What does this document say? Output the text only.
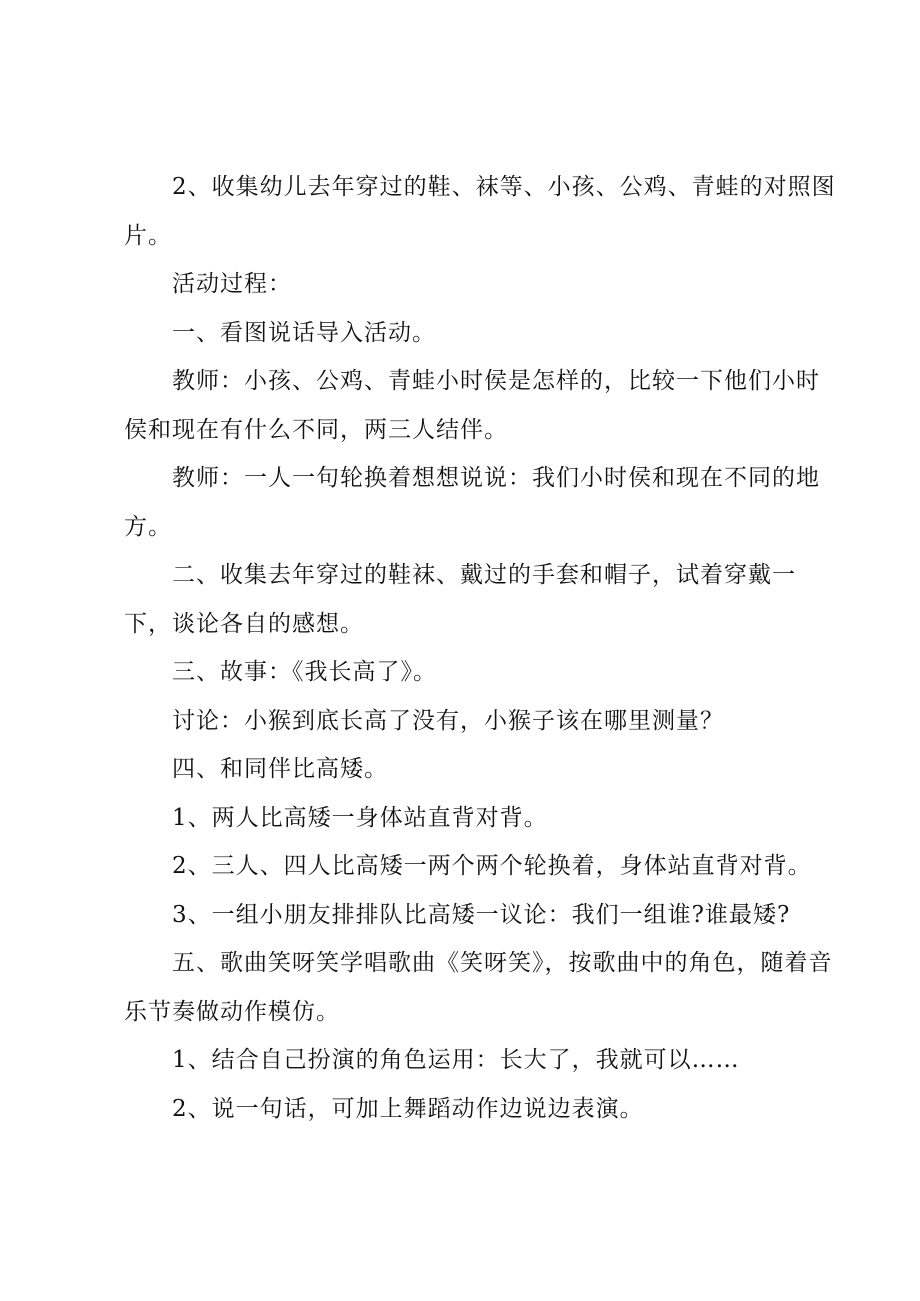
2、收集幼儿去年穿过的鞋、袜等、小孩、公鸡、青蛙的对照图片。

活动过程：

一、看图说话导入活动。

教师：小孩、公鸡、青蛙小时侯是怎样的，比较一下他们小时侯和现在有什么不同，两三人结伴。

教师：一人一句轮换着想想说说：我们小时侯和现在不同的地方。

二、收集去年穿过的鞋袜、戴过的手套和帽子，试着穿戴一下，谈论各自的感想。

三、故事：《我长高了》。

讨论：小猴到底长高了没有，小猴子该在哪里测量？

四、和同伴比高矮。

1、两人比高矮一身体站直背对背。

2、三人、四人比高矮一两个两个轮换着，身体站直背对背。

3、一组小朋友排排队比高矮一议论：我们一组谁?谁最矮?

五、歌曲笑呀笑学唱歌曲《笑呀笑》，按歌曲中的角色，随着音乐节奏做动作模仿。

1、结合自己扮演的角色运用：长大了，我就可以……

2、说一句话，可加上舞蹈动作边说边表演。
